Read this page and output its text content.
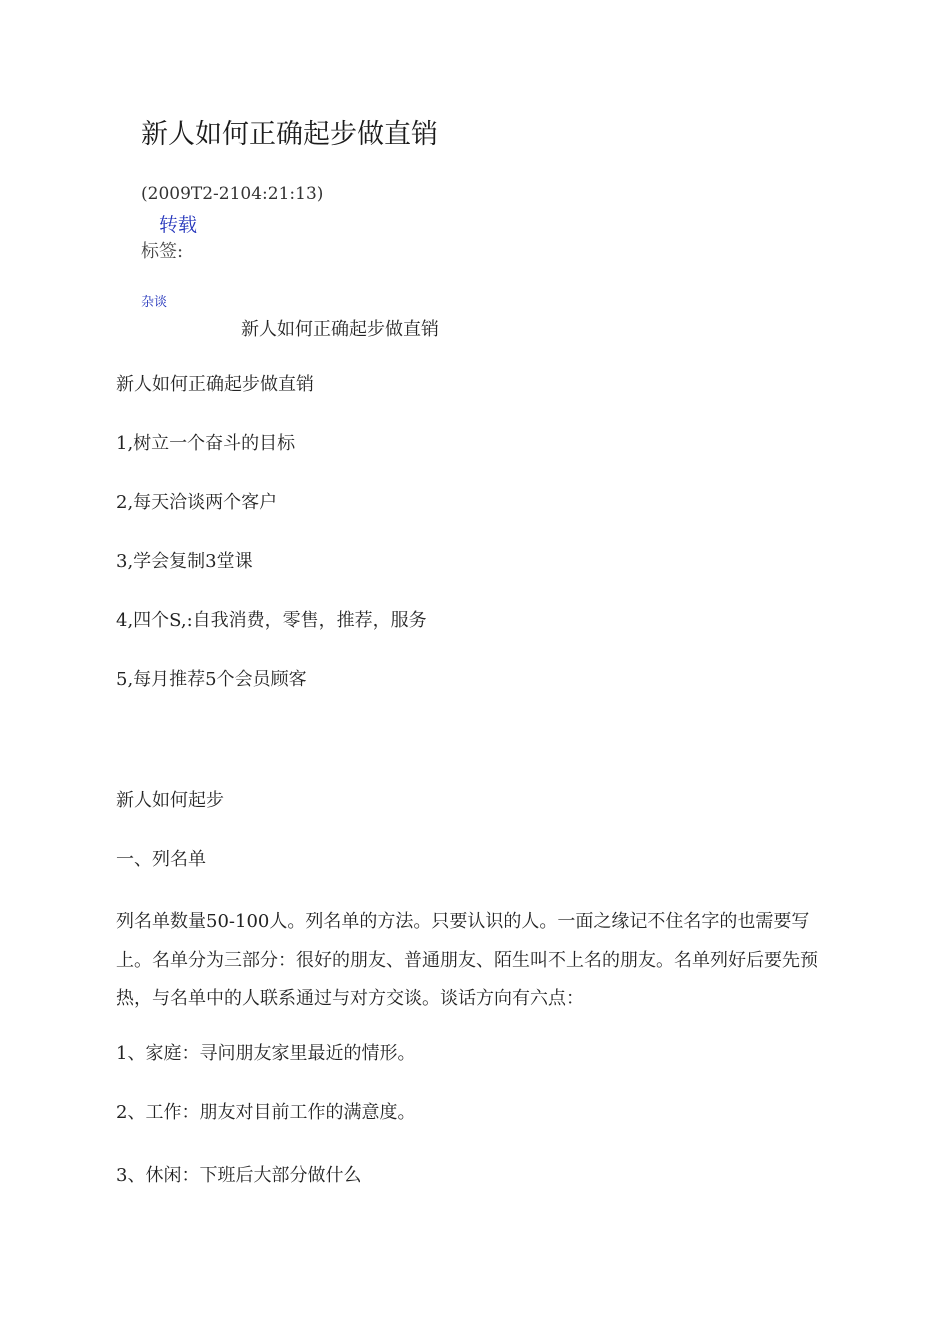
新人如何正确起步做直销
(2009T2-2104:21:13)
转载
标签:
杂谈
新人如何正确起步做直销
新人如何正确起步做直销
1,树立一个奋斗的目标
2,每天洽谈两个客户
3,学会复制3堂课
4,四个S,:自我消费，零售，推荐，服务
5,每月推荐5个会员顾客
新人如何起步
一、列名单
列名单数量50-100人。列名单的方法。只要认识的人。一面之缘记不住名字的也需要写上。名单分为三部分：很好的朋友、普通朋友、陌生叫不上名的朋友。名单列好后要先预热，与名单中的人联系通过与对方交谈。谈话方向有六点：
1、家庭：寻问朋友家里最近的情形。
2、工作：朋友对目前工作的满意度。
3、休闲：下班后大部分做什么
